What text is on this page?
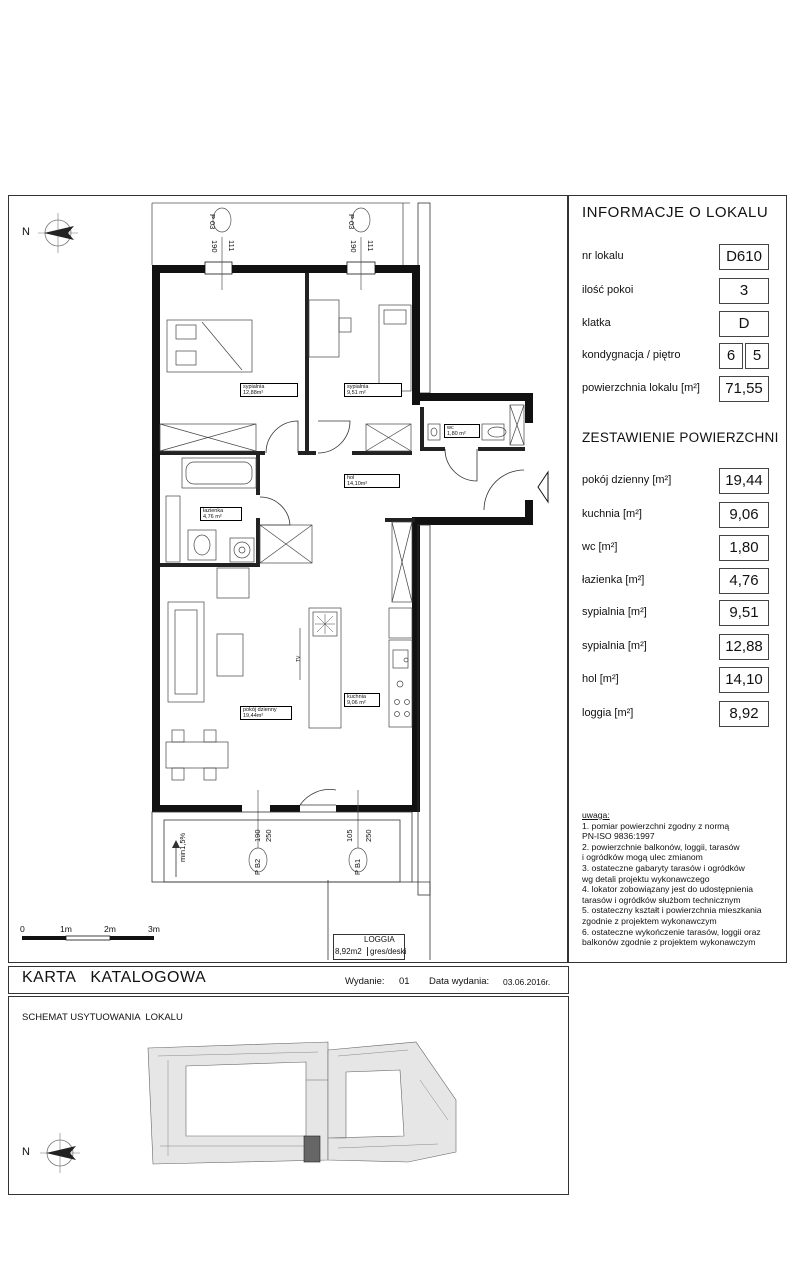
INFORMACJE O LOKALU
nr lokalu	D610
ilość pokoi	3
klatka	D
kondygnacja / piętro	6	5
powierzchnia lokalu [m²]	71,55
ZESTAWIENIE POWIERZCHNI
pokój dzienny [m²]	19,44
kuchnia [m²]	9,06
wc [m²]	1,80
łazienka [m²]	4,76
sypialnia [m²]	9,51
sypialnia [m²]	12,88
hol [m²]	14,10
loggia [m²]	8,92
uwaga:
1. pomiar powierzchni zgodny z normą
PN-ISO 9836:1997
2. powierzchnie balkonów, loggii, tarasów
i ogródków mogą ulec zmianom
3. ostateczne gabaryty tarasów i ogródków
wg detali projektu wykonawczego
4. lokator zobowiązany jest do udostępnienia
tarasów i ogródków służbom technicznym
5. ostateczny kształt i powierzchnia mieszkania
zgodnie z projektem wykonawczym
6. ostateczne wykończenie tarasów, loggii oraz
balkonów zgodnie z projektem wykonawczym
P 03
190 111
P 03
190 111
P B2
190 250
P B1
105 250
min1,5%
TV
sypialnia
12,88m²
sypialnia
9,51 m²
wc
1,80 m²
hol
14,10m²
łazienka
4,76 m²
kuchnia
9,06 m²
pokój dzienny
19,44m²
N
0	1m	2m	3m
LOGGIA
8,92m2	gres/deski
KARTA   KATALOGOWA	Wydanie: 01 Data wydania: 03.06.2016r.
SCHEMAT USYTUOWANIA  LOKALU
N
